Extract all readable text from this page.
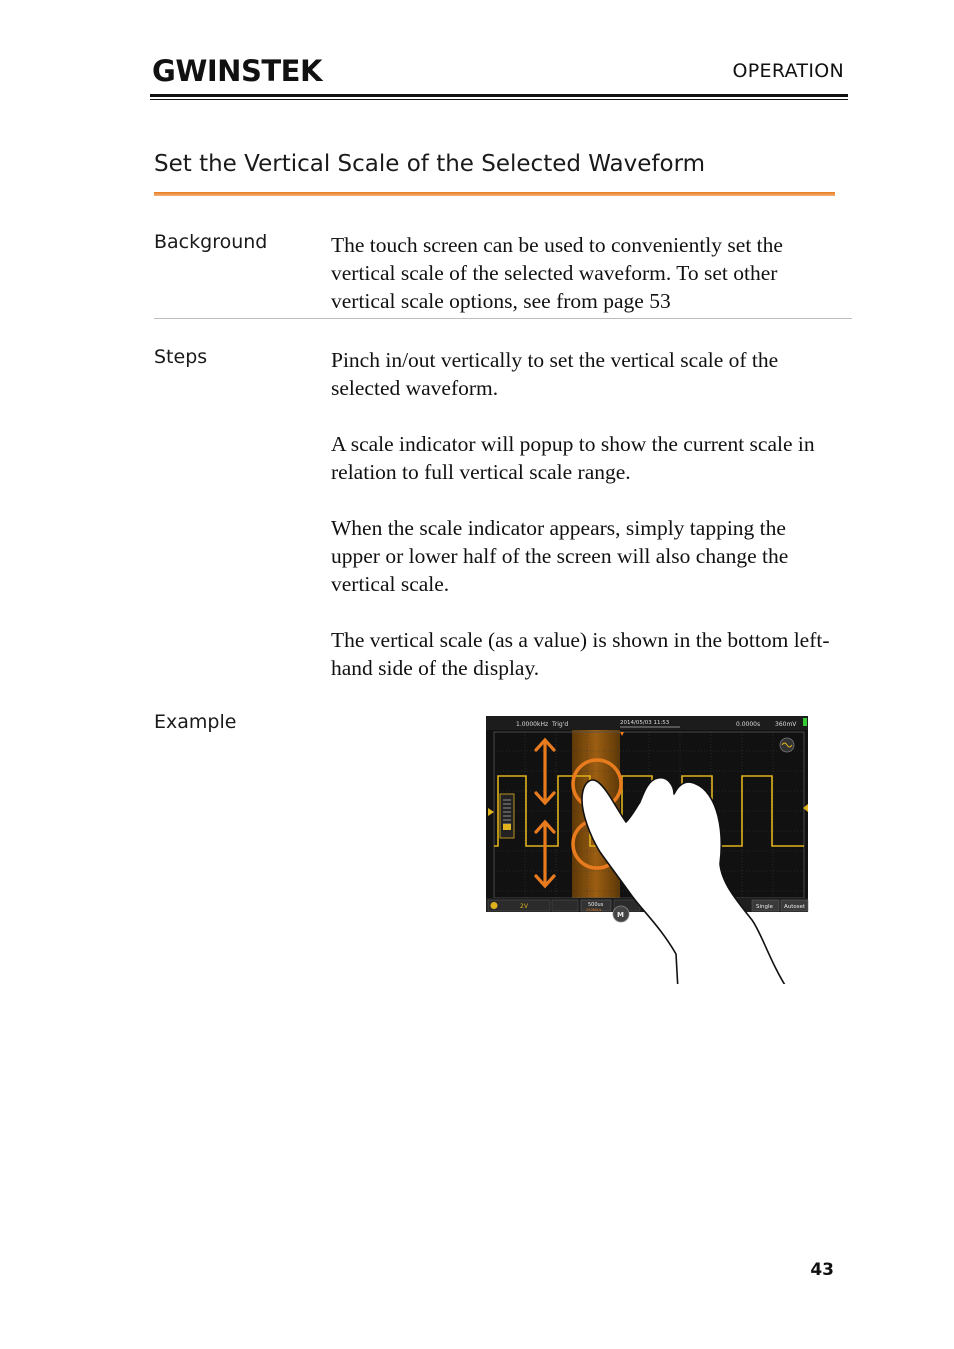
GWINSTEK	OPERATION
Set the Vertical Scale of the Selected Waveform
Background	The touch screen can be used to conveniently set the vertical scale of the selected waveform. To set other vertical scale options, see from page 53

Steps	Pinch in/out vertically to set the vertical scale of the selected waveform.

A scale indicator will popup to show the current scale in relation to full vertical scale range.

When the scale indicator appears, simply tapping the upper or lower half of the screen will also change the vertical scale.

The vertical scale (as a value) is shown in the bottom left-hand side of the display.

Example	1.0000kHz Trig'd	2014/05/03 11:53	0.0000s 360mV
2V	500us
250MS/s
M
Single Autoset
43
